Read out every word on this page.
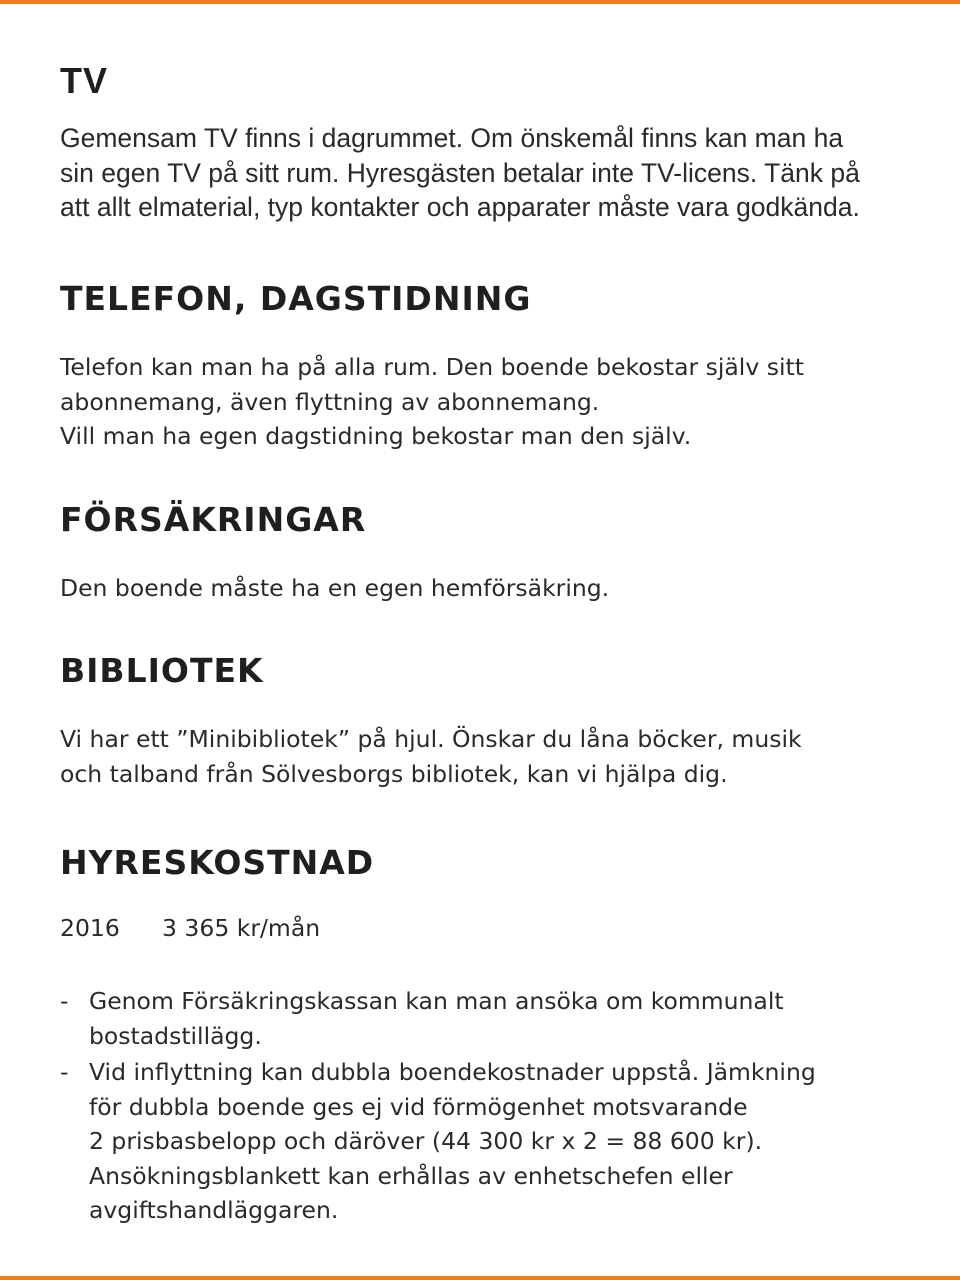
TV

Gemensam TV finns i dagrummet. Om önskemål finns kan man ha
sin egen TV på sitt rum. Hyresgästen betalar inte TV-licens. Tänk på
att allt elmaterial, typ kontakter och apparater måste vara godkända.

TELEFON, DAGSTIDNING

Telefon kan man ha på alla rum. Den boende bekostar själv sitt
abonnemang, även flyttning av abonnemang.
Vill man ha egen dagstidning bekostar man den själv.

FÖRSÄKRINGAR

Den boende måste ha en egen hemförsäkring.

BIBLIOTEK

Vi har ett ”Minibibliotek” på hjul. Önskar du låna böcker, musik
och talband från Sölvesborgs bibliotek, kan vi hjälpa dig.

HYRESKOSTNAD
2016 3 365 kr/mån
- Genom Försäkringskassan kan man ansöka om kommunalt
bostadstillägg.
- Vid inflyttning kan dubbla boendekostnader uppstå. Jämkning
för dubbla boende ges ej vid förmögenhet motsvarande
2 prisbasbelopp och däröver (44 300 kr x 2 = 88 600 kr).
Ansökningsblankett kan erhållas av enhetschefen eller
avgiftshandläggaren.
